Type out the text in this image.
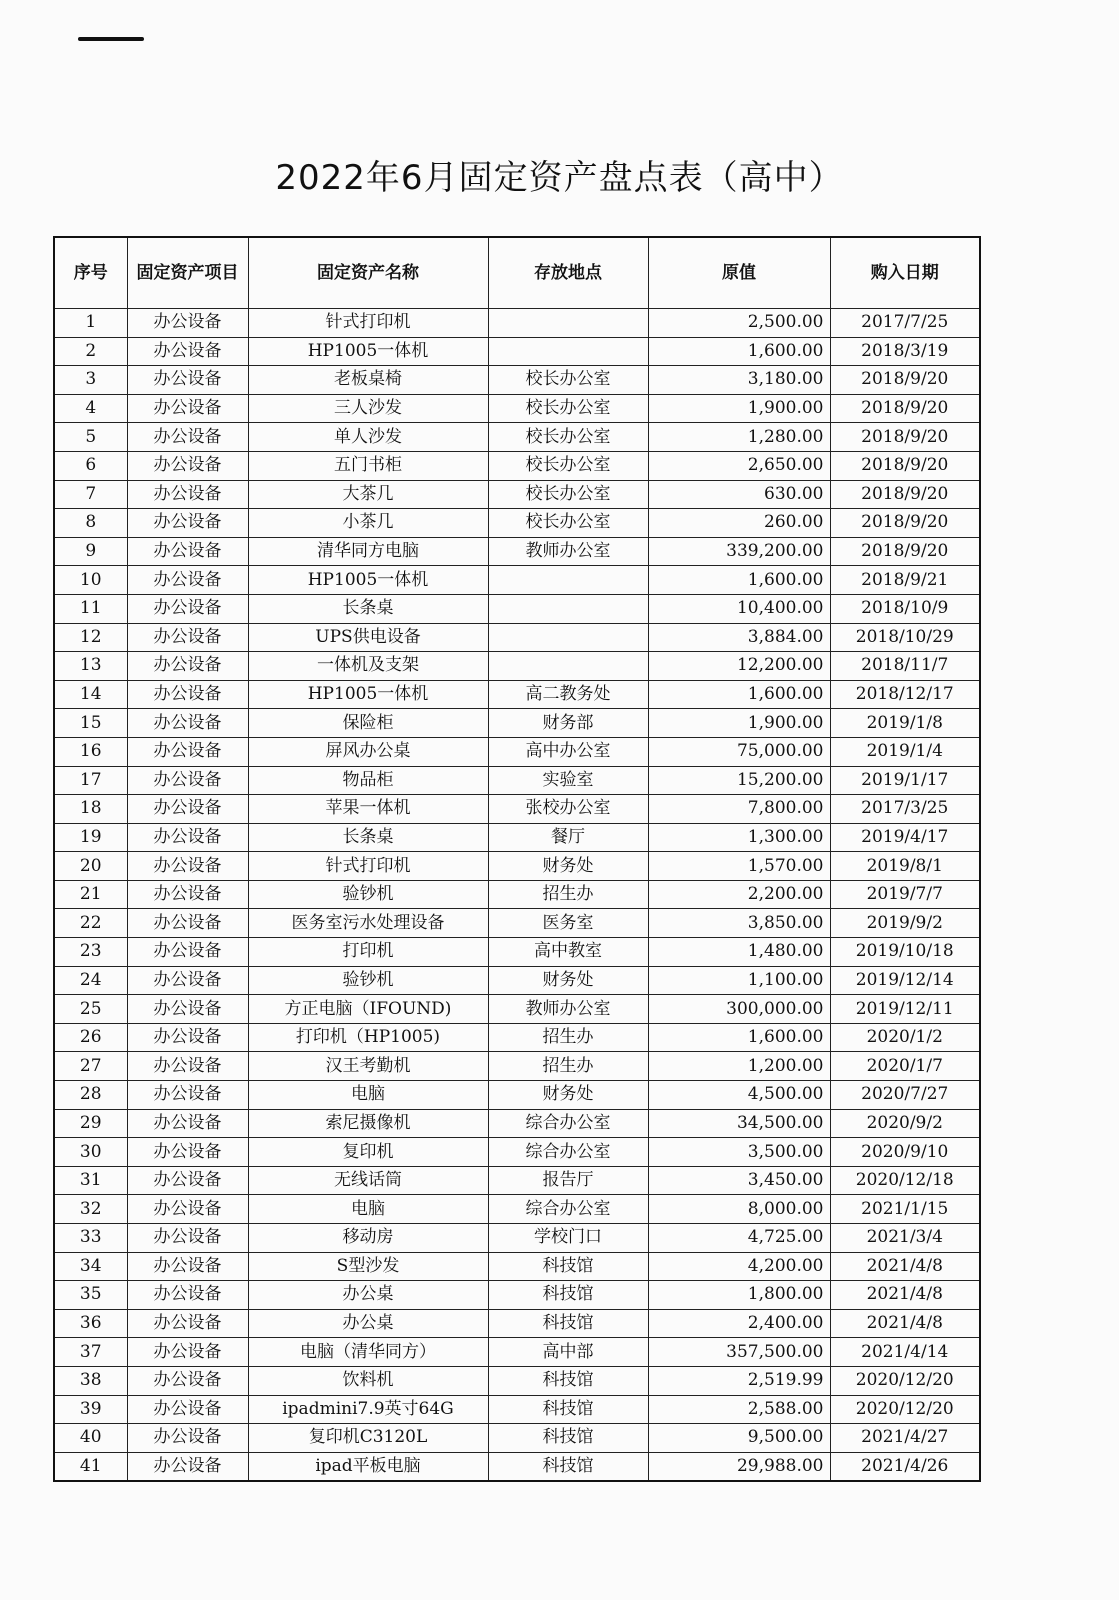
2022年6月固定资产盘点表（高中）
序号	固定资产项目	固定资产名称	存放地点	原值	购入日期
1	办公设备	针式打印机		2,500.00	2017/7/25
2	办公设备	HP1005一体机		1,600.00	2018/3/19
3	办公设备	老板桌椅	校长办公室	3,180.00	2018/9/20
4	办公设备	三人沙发	校长办公室	1,900.00	2018/9/20
5	办公设备	单人沙发	校长办公室	1,280.00	2018/9/20
6	办公设备	五门书柜	校长办公室	2,650.00	2018/9/20
7	办公设备	大茶几	校长办公室	630.00	2018/9/20
8	办公设备	小茶几	校长办公室	260.00	2018/9/20
9	办公设备	清华同方电脑	教师办公室	339,200.00	2018/9/20
10	办公设备	HP1005一体机		1,600.00	2018/9/21
11	办公设备	长条桌		10,400.00	2018/10/9
12	办公设备	UPS供电设备		3,884.00	2018/10/29
13	办公设备	一体机及支架		12,200.00	2018/11/7
14	办公设备	HP1005一体机	高二教务处	1,600.00	2018/12/17
15	办公设备	保险柜	财务部	1,900.00	2019/1/8
16	办公设备	屏风办公桌	高中办公室	75,000.00	2019/1/4
17	办公设备	物品柜	实验室	15,200.00	2019/1/17
18	办公设备	苹果一体机	张校办公室	7,800.00	2017/3/25
19	办公设备	长条桌	餐厅	1,300.00	2019/4/17
20	办公设备	针式打印机	财务处	1,570.00	2019/8/1
21	办公设备	验钞机	招生办	2,200.00	2019/7/7
22	办公设备	医务室污水处理设备	医务室	3,850.00	2019/9/2
23	办公设备	打印机	高中教室	1,480.00	2019/10/18
24	办公设备	验钞机	财务处	1,100.00	2019/12/14
25	办公设备	方正电脑（IFOUND)	教师办公室	300,000.00	2019/12/11
26	办公设备	打印机（HP1005)	招生办	1,600.00	2020/1/2
27	办公设备	汉王考勤机	招生办	1,200.00	2020/1/7
28	办公设备	电脑	财务处	4,500.00	2020/7/27
29	办公设备	索尼摄像机	综合办公室	34,500.00	2020/9/2
30	办公设备	复印机	综合办公室	3,500.00	2020/9/10
31	办公设备	无线话筒	报告厅	3,450.00	2020/12/18
32	办公设备	电脑	综合办公室	8,000.00	2021/1/15
33	办公设备	移动房	学校门口	4,725.00	2021/3/4
34	办公设备	S型沙发	科技馆	4,200.00	2021/4/8
35	办公设备	办公桌	科技馆	1,800.00	2021/4/8
36	办公设备	办公桌	科技馆	2,400.00	2021/4/8
37	办公设备	电脑（清华同方）	高中部	357,500.00	2021/4/14
38	办公设备	饮料机	科技馆	2,519.99	2020/12/20
39	办公设备	ipadmini7.9英寸64G	科技馆	2,588.00	2020/12/20
40	办公设备	复印机C3120L	科技馆	9,500.00	2021/4/27
41	办公设备	ipad平板电脑	科技馆	29,988.00	2021/4/26
